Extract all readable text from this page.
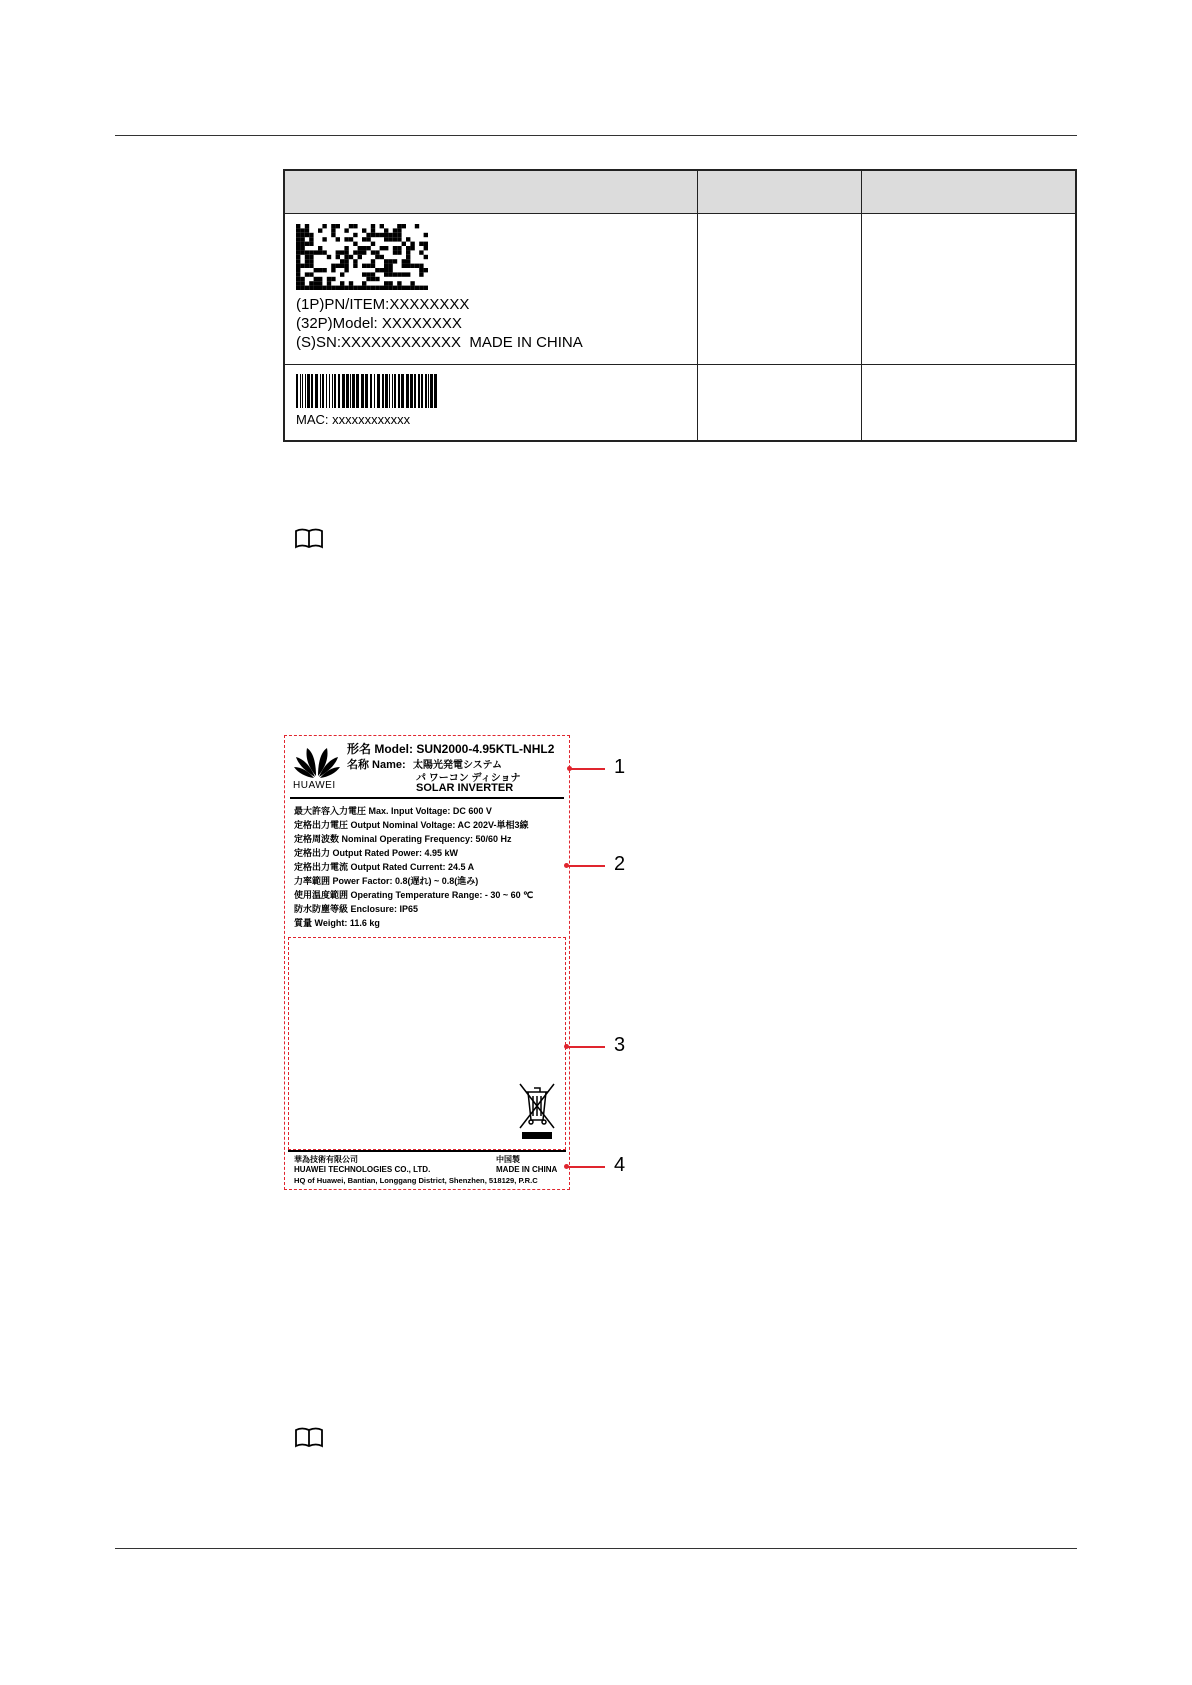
(1P)PN/ITEM:XXXXXXXX
(32P)Model: XXXXXXXX
(S)SN:XXXXXXXXXXXX  MADE IN CHINA
MAC: xxxxxxxxxxxx
HUAWEI
形名 Model: SUN2000-4.95KTL-NHL2
名称 Name: 太陽光発電システム
パ ワーコン ディショナ
SOLAR INVERTER
最大許容入力電圧 Max. Input Voltage: DC 600 V
定格出力電圧 Output Nominal Voltage: AC 202V-単相3線
定格周波数 Nominal Operating Frequency: 50/60 Hz
定格出力 Output Rated Power: 4.95 kW
定格出力電流 Output Rated Current: 24.5 A
力率範囲 Power Factor: 0.8(遅れ) ~ 0.8(進み)
使用温度範囲 Operating Temperature Range: - 30 ~ 60 ℃
防水防塵等級 Enclosure: IP65
質量 Weight: 11.6 kg
華為技術有限公司	中国製
HUAWEI TECHNOLOGIES CO., LTD.	MADE IN CHINA
HQ of Huawei, Bantian, Longgang District, Shenzhen, 518129, P.R.C
1
2
3
4
